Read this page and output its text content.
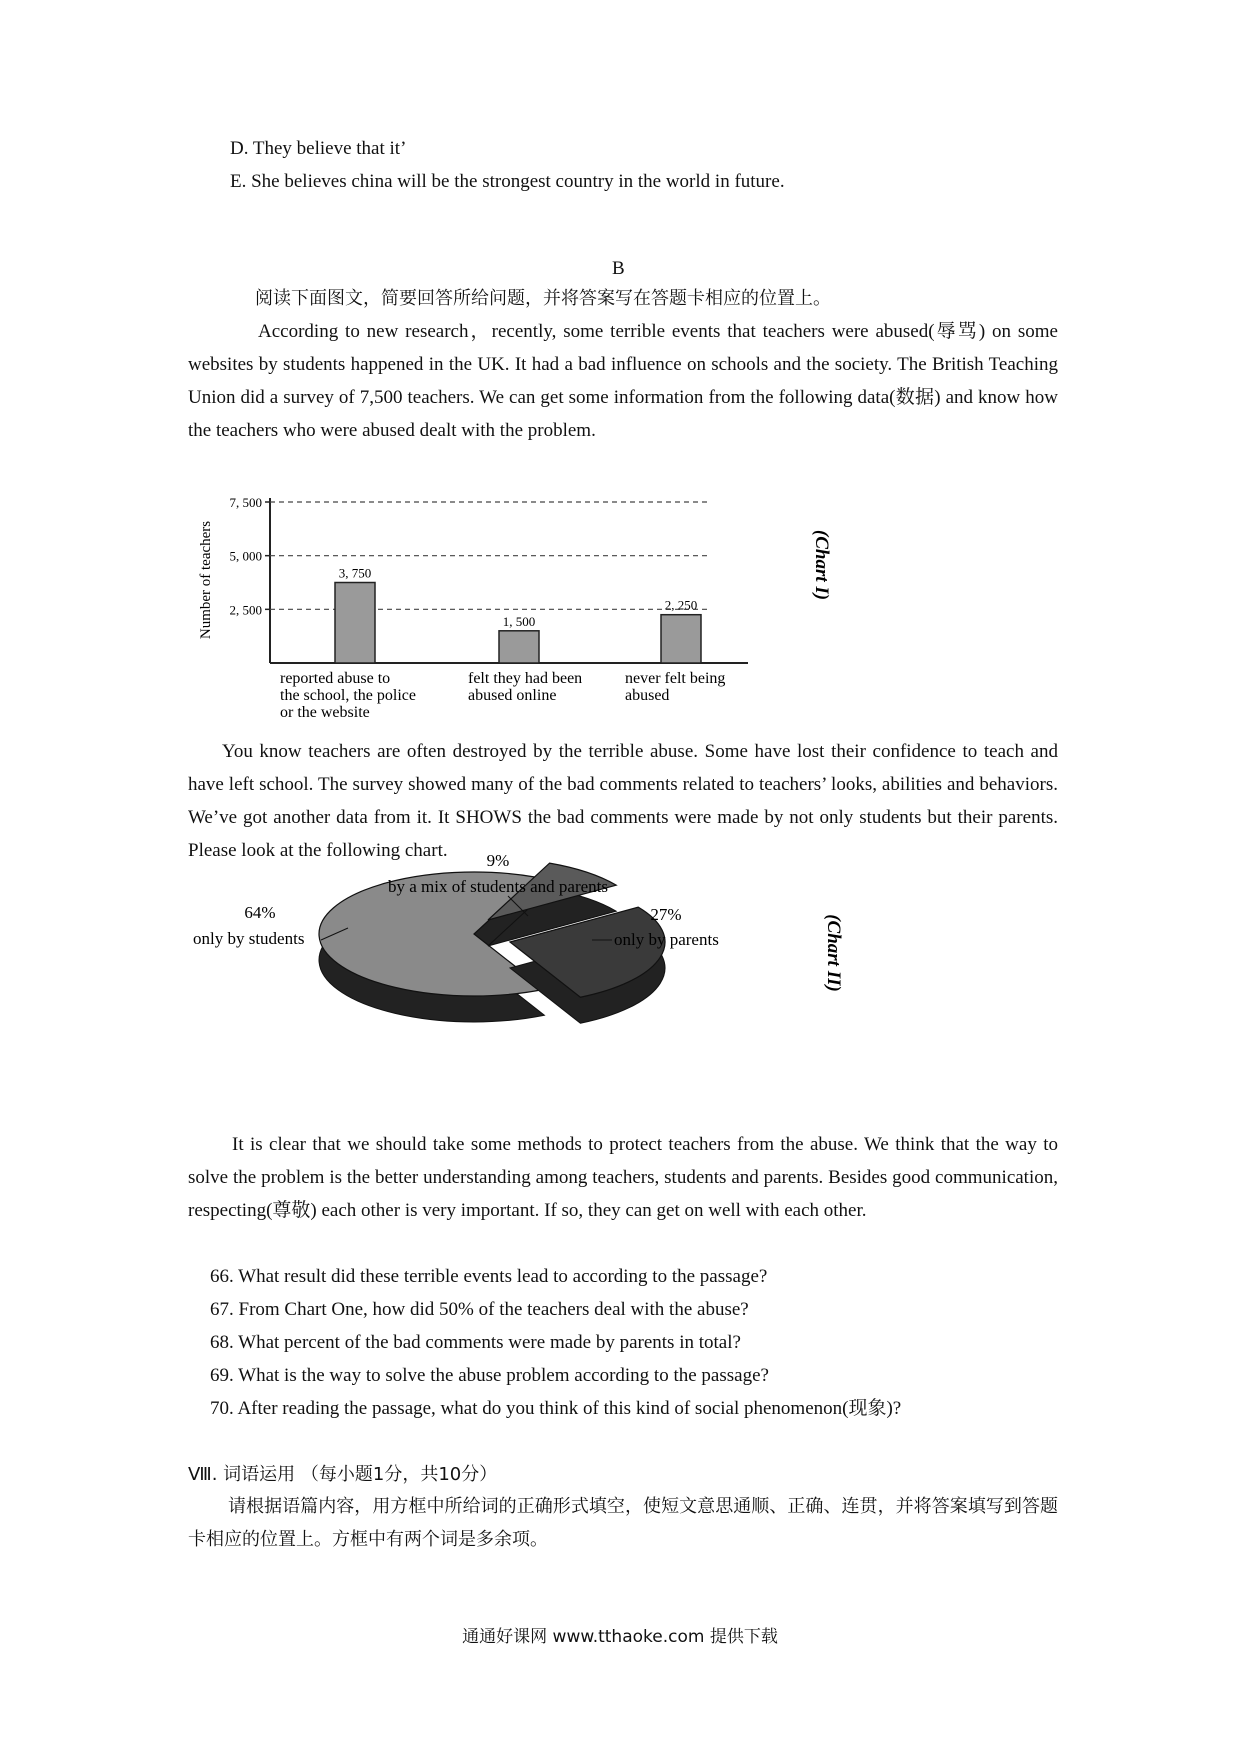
D. They believe that it’

E. She believes china will be the strongest country in the world in future.

B

阅读下面图文，简要回答所给问题，并将答案写在答题卡相应的位置上。

According to new research，recently, some terrible events that teachers were abused(辱骂) on some websites by students happened in the UK. It had a bad influence on schools and the society. The British Teaching Union did a survey of 7,500 teachers. We can get some information from the following data(数据) and know how the teachers who were abused dealt with the problem.

Number of teachers
7, 500
5, 000
2, 500
3, 750
1, 500
2, 250
reported abuse to
the school, the police
or the website
felt they had been
abused online
never felt being
abused
(Chart I)

You know teachers are often destroyed by the terrible abuse. Some have lost their confidence to teach and have left school. The survey showed many of the bad comments related to teachers’ looks, abilities and behaviors. We’ve got another data from it. It SHOWS the bad comments were made by not only students but their parents. Please look at the following chart.

64%
only by students
9%
by a mix of students and parents
27%
only by parents	(Chart II)

It is clear that we should take some methods to protect teachers from the abuse. We think that the way to solve the problem is the better understanding among teachers, students and parents. Besides good communication, respecting(尊敬) each other is very important. If so, they can get on well with each other.

66. What result did these terrible events lead to according to the passage?

67. From Chart One, how did 50% of the teachers deal with the abuse?

68. What percent of the bad comments were made by parents in total?

69. What is the way to solve the abuse problem according to the passage?

70. After reading the passage, what do you think of this kind of social phenomenon(现象)?

Ⅷ. 词语运用 （每小题1分，共10分）

请根据语篇内容，用方框中所给词的正确形式填空，使短文意思通顺、正确、连贯，并将答案填写到答题卡相应的位置上。方框中有两个词是多余项。

通通好课网 www.tthaoke.com 提供下载
